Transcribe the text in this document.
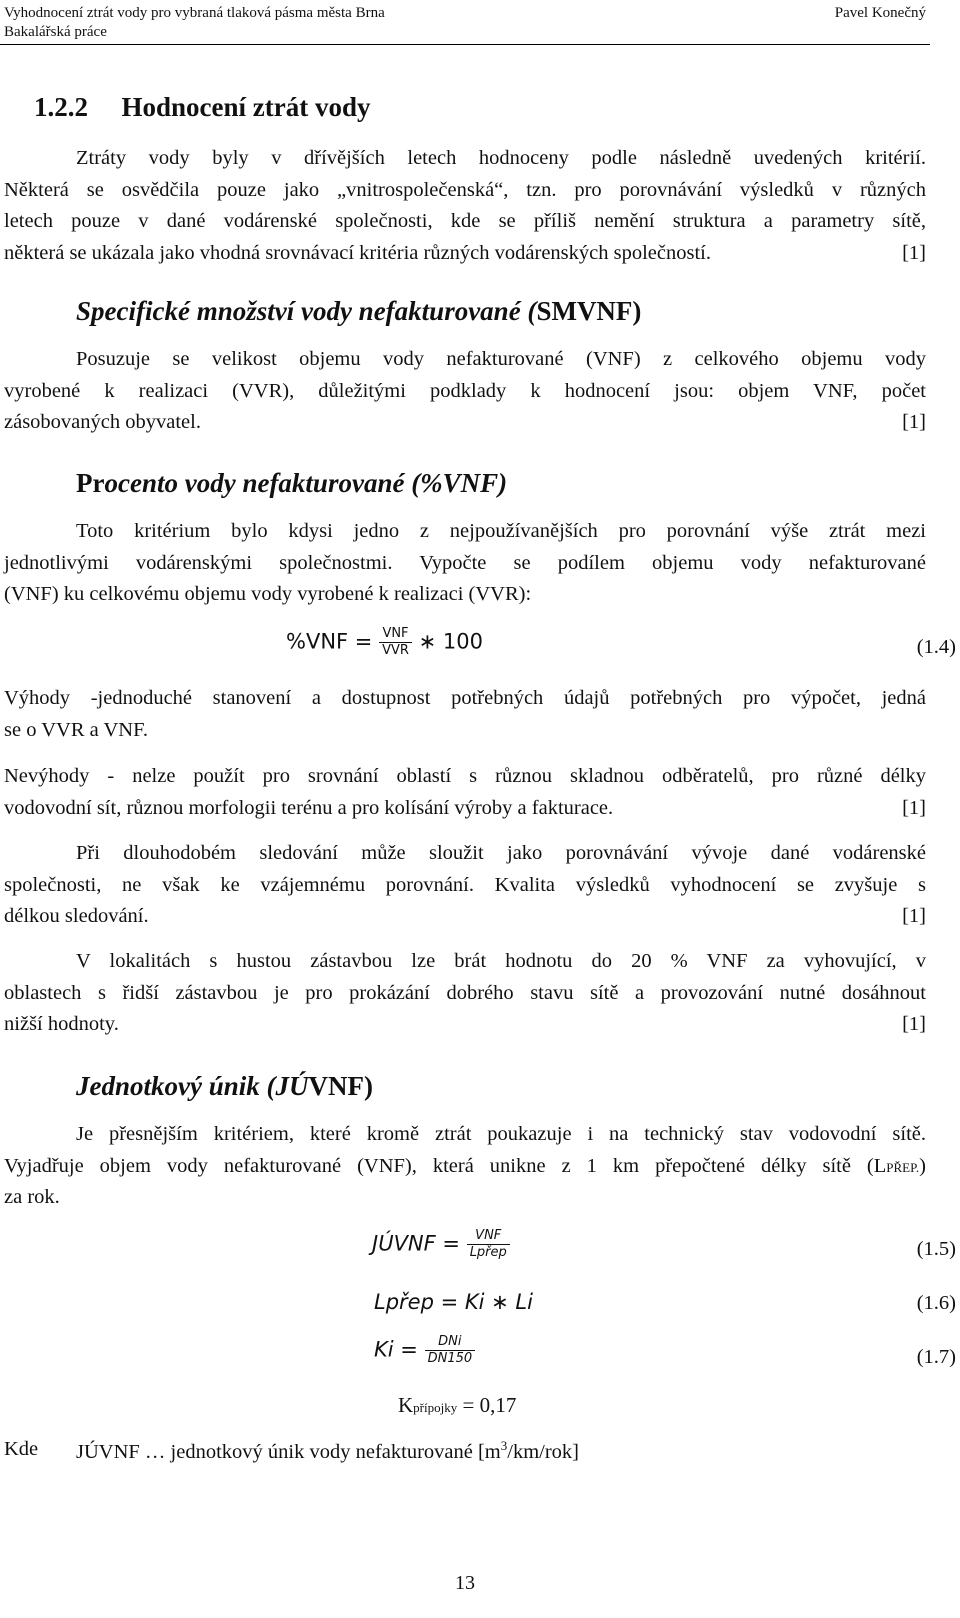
Vyhodnocení ztrát vody pro vybraná tlaková pásma města Brna
Bakalářská práce
Pavel Konečný
1.2.2 Hodnocení ztrát vody
Ztráty vody byly v dřívějších letech hodnoceny podle následně uvedených kritérií.
Některá se osvědčila pouze jako „vnitrospolečenská“, tzn. pro porovnávání výsledků v různých
letech pouze v dané vodárenské společnosti, kde se příliš nemění struktura a parametry sítě,
některá se ukázala jako vhodná srovnávací kritéria různých vodárenských společností.	[1]
Specifické množství vody nefakturované (SMVNF)
Posuzuje se velikost objemu vody nefakturované (VNF) z celkového objemu vody
vyrobené k realizaci (VVR), důležitými podklady k hodnocení jsou: objem VNF, počet
zásobovaných obyvatel.	[1]
Procento vody nefakturované (%VNF)
Toto kritérium bylo kdysi jedno z nejpoužívanějších pro porovnání výše ztrát mezi
jednotlivými vodárenskými společnostmi. Vypočte se podílem objemu vody nefakturované
(VNF) ku celkovému objemu vody vyrobené k realizaci (VVR):
$\%VNF = \frac{\text{VNF}}{\text{VVR}}$ ∗ 100	(1.4)
Výhody -jednoduché stanovení a dostupnost potřebných údajů potřebných pro výpočet, jedná
se o VVR a VNF.
Nevýhody - nelze použít pro srovnání oblastí s různou skladnou odběratelů, pro různé délky
vodovodní sít, různou morfologii terénu a pro kolísání výroby a fakturace.	[1]
Při dlouhodobém sledování může sloužit jako porovnávání vývoje dané vodárenské
společnosti, ne však ke vzájemnému porovnání. Kvalita výsledků vyhodnocení se zvyšuje s
délkou sledování.	[1]
V lokalitách s hustou zástavbou lze brát hodnotu do 20 % VNF za vyhovující, v
oblastech s řidší zástavbou je pro prokázání dobrého stavu sítě a provozování nutné dosáhnout
nižší hodnoty.	[1]
Jednotkový únik (JÚVNF)
Je přesnějším kritériem, které kromě ztrát poukazuje i na technický stav vodovodní sítě.
Vyjadřuje objem vody nefakturované (VNF), která unikne z 1 km přepočtené délky sítě (LPŘEP.)
za rok.
JÚVNF = $\frac{\text{VNF}}{\text{Lpřep}}$	(1.5)
Lpřep = Ki ∗ Li	(1.6)
$Ki = \frac{\text{DNi}}{DN150}$	(1.7)
Kpřípojky = 0,17
Kde JÚVNF … jednotkový únik vody nefakturované $[m^3/km/rok]$
13
